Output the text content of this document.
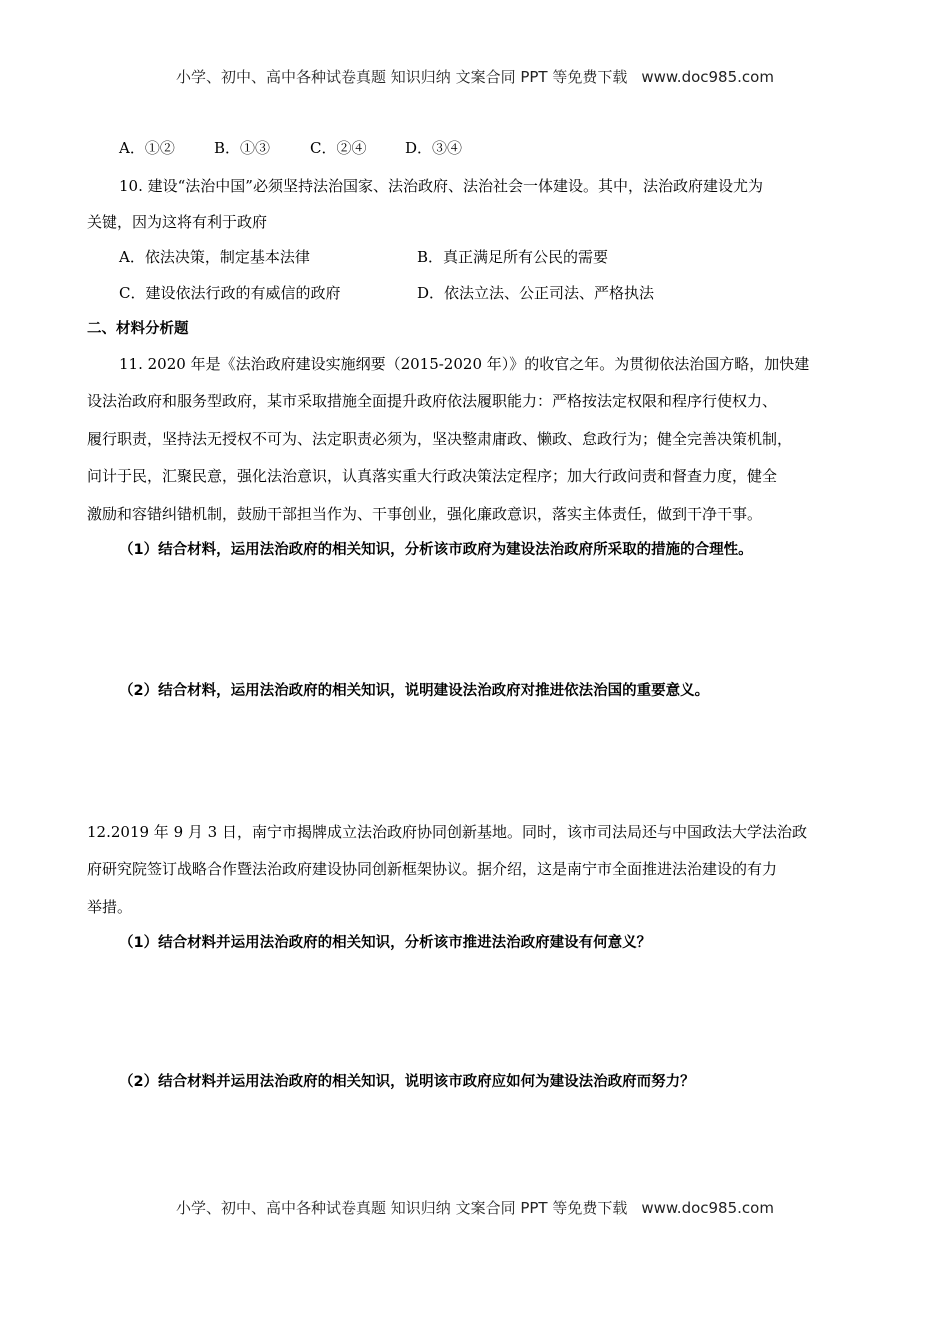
小学、初中、高中各种试卷真题 知识归纳 文案合同 PPT 等免费下载 www.doc985.com
A．①②	B．①③	C．②④	D．③④
10. 建设“法治中国”必须坚持法治国家、法治政府、法治社会一体建设。其中，法治政府建设尤为
关键，因为这将有利于政府
A．依法决策，制定基本法律	B．真正满足所有公民的需要
C．建设依法行政的有威信的政府	D．依法立法、公正司法、严格执法
二、材料分析题
11. 2020 年是《法治政府建设实施纲要（2015-2020 年）》的收官之年。为贯彻依法治国方略，加快建
设法治政府和服务型政府，某市采取措施全面提升政府依法履职能力：严格按法定权限和程序行使权力、
履行职责，坚持法无授权不可为、法定职责必须为，坚决整肃庸政、懒政、怠政行为；健全完善决策机制，
问计于民，汇聚民意，强化法治意识，认真落实重大行政决策法定程序；加大行政问责和督查力度，健全
激励和容错纠错机制，鼓励干部担当作为、干事创业，强化廉政意识，落实主体责任，做到干净干事。
（1）结合材料，运用法治政府的相关知识，分析该市政府为建设法治政府所采取的措施的合理性。
（2）结合材料，运用法治政府的相关知识，说明建设法治政府对推进依法治国的重要意义。
12.2019 年 9 月 3 日，南宁市揭牌成立法治政府协同创新基地。同时，该市司法局还与中国政法大学法治政
府研究院签订战略合作暨法治政府建设协同创新框架协议。据介绍，这是南宁市全面推进法治建设的有力
举措。
（1）结合材料并运用法治政府的相关知识，分析该市推进法治政府建设有何意义？
（2）结合材料并运用法治政府的相关知识，说明该市政府应如何为建设法治政府而努力？
小学、初中、高中各种试卷真题 知识归纳 文案合同 PPT 等免费下载 www.doc985.com
